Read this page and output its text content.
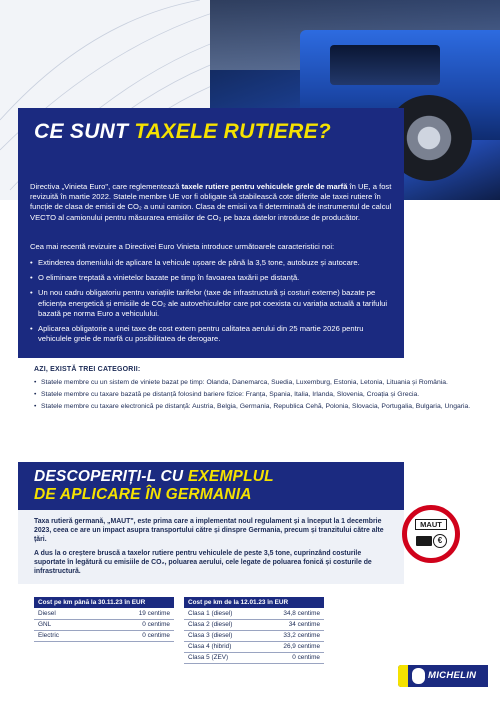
CE SUNT TAXELE RUTIERE?

Directiva „Vinieta Euro", care reglementează taxele rutiere pentru vehiculele grele de marfă în UE, a fost revizuită în martie 2022. Statele membre UE vor fi obligate să stabilească cote diferite ale taxei rutiere în funcție de clasa de emisii de CO₂ a unui camion. Clasa de emisii va fi determinată de instrumentul de calcul VECTO al camionului pentru măsurarea emisiilor de CO₂ pe baza datelor introduse de producător.

Cea mai recentă revizuire a Directivei Euro Vinieta introduce următoarele caracteristici noi:

• Extinderea domeniului de aplicare la vehicule ușoare de până la 3,5 tone, autobuze și autocare.
• O eliminare treptată a vinietelor bazate pe timp în favoarea taxării pe distanță.
• Un nou cadru obligatoriu pentru variațiile tarifelor (taxe de infrastructură și costuri externe) bazate pe eficiența energetică și emisiile de CO₂ ale autovehiculelor care pot coexista cu variația actuală a tarifului bazată pe norma Euro a vehiculului.
• Aplicarea obligatorie a unei taxe de cost extern pentru calitatea aerului din 25 martie 2026 pentru vehiculele grele de marfă cu posibilitatea de derogare.
AZI, EXISTĂ TREI CATEGORII:
• Statele membre cu un sistem de viniete bazat pe timp: Olanda, Danemarca, Suedia, Luxemburg, Estonia, Letonia, Lituania și România.
• Statele membre cu taxare bazată pe distanță folosind bariere fizice: Franța, Spania, Italia, Irlanda, Slovenia, Croația și Grecia.
• Statele membre cu taxare electronică pe distanță: Austria, Belgia, Germania, Republica Cehă, Polonia, Slovacia, Portugalia, Bulgaria, Ungaria.
DESCOPERIȚI-L CU EXEMPLUL
DE APLICARE ÎN GERMANIA

Taxa rutieră germană, „MAUT", este prima care a implementat noul regulament și a început la 1 decembrie 2023, ceea ce are un impact asupra transportului către și dinspre Germania, precum și tranzitului către alte țări.

A dus la o creștere bruscă a taxelor rutiere pentru vehiculele de peste 3,5 tone, cuprinzând costurile suportate în legătură cu emisiile de CO₂, poluarea aerului, cele legate de poluarea fonică și costurile de infrastructură.

MAUT
€
Cost pe km până la 30.11.23 în EUR	
Diesel	19 centime
GNL	0 centime
Electric	0 centime
Cost pe km de la 12.01.23 în EUR	
Clasa 1 (diesel)	34,8 centime
Clasa 2 (diesel)	34 centime
Clasa 3 (diesel)	33,2 centime
Clasa 4 (hibrid)	26,9 centime
Clasa 5 (ZEV)	0 centime
MICHELIN
